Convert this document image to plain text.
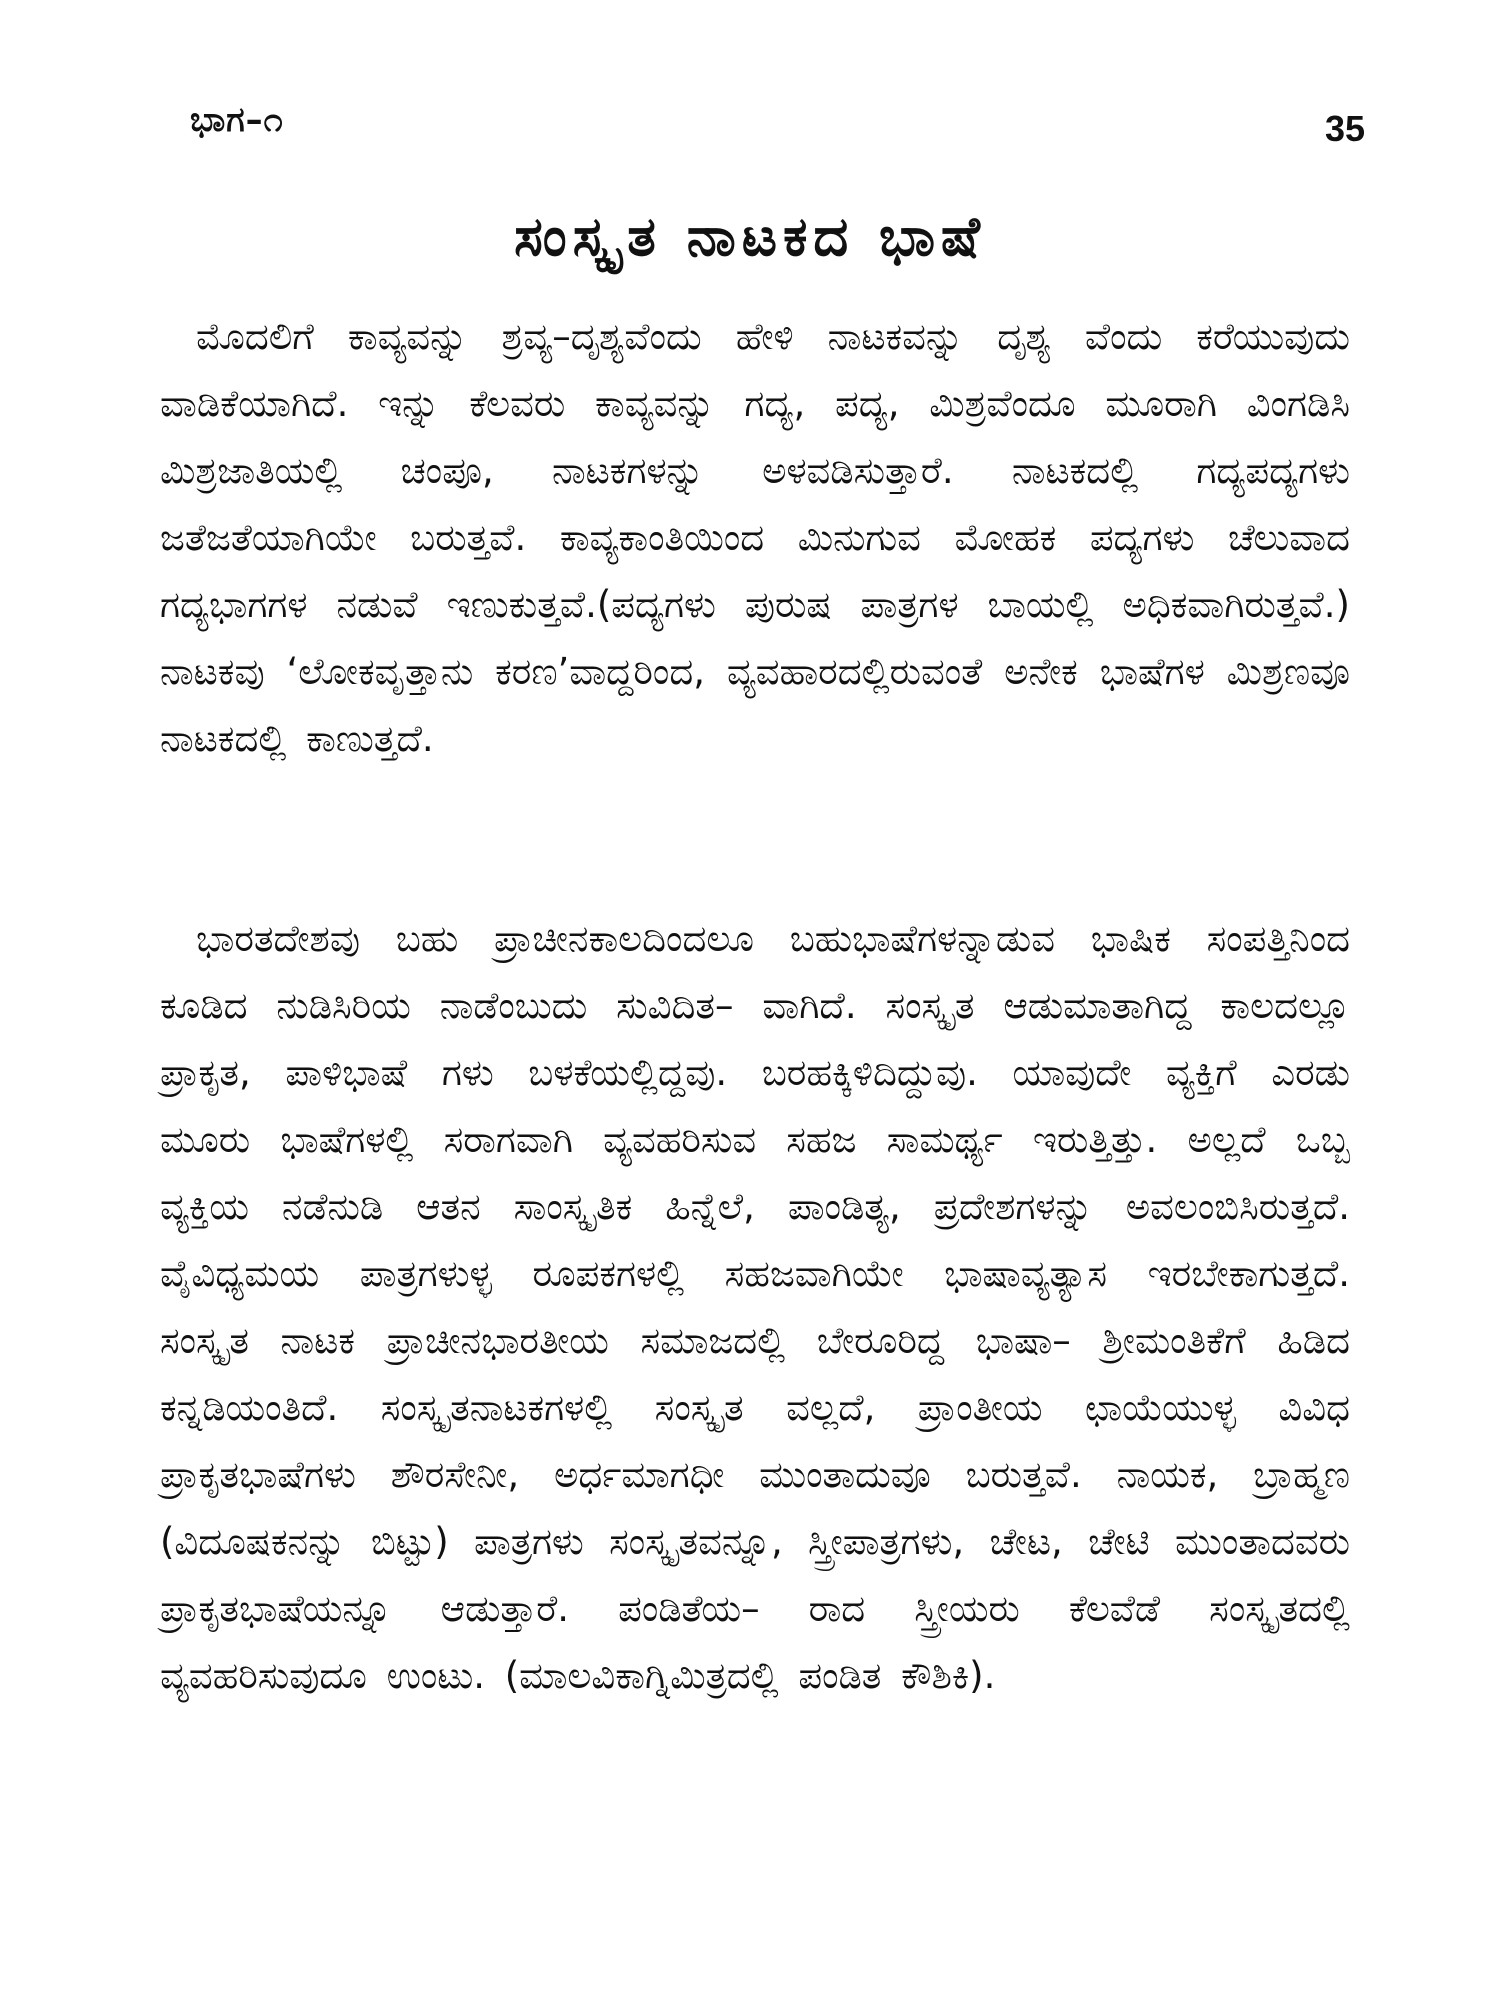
ಭಾಗ–೧	35
ಸಂಸ್ಕೃತ ನಾಟಕದ ಭಾಷೆ
ಮೊದಲಿಗೆ ಕಾವ್ಯವನ್ನು ಶ್ರವ್ಯ–ದೃಶ್ಯವೆಂದು ಹೇಳಿ ನಾಟಕವನ್ನು ದೃಶ್ಯ ವೆಂದು ಕರೆಯುವುದು ವಾಡಿಕೆಯಾಗಿದೆ. ಇನ್ನು ಕೆಲವರು ಕಾವ್ಯವನ್ನು ಗದ್ಯ, ಪದ್ಯ, ಮಿಶ್ರವೆಂದೂ ಮೂರಾಗಿ ವಿಂಗಡಿಸಿ ಮಿಶ್ರಜಾತಿಯಲ್ಲಿ ಚಂಪೂ, ನಾಟಕಗಳನ್ನು ಅಳವಡಿಸುತ್ತಾರೆ. ನಾಟಕದಲ್ಲಿ ಗದ್ಯಪದ್ಯಗಳು ಜತೆಜತೆಯಾಗಿಯೇ ಬರುತ್ತವೆ. ಕಾವ್ಯಕಾಂತಿಯಿಂದ ಮಿನುಗುವ ಮೋಹಕ ಪದ್ಯಗಳು ಚೆಲುವಾದ ಗದ್ಯಭಾಗಗಳ ನಡುವೆ ಇಣುಕುತ್ತವೆ.(ಪದ್ಯಗಳು ಪುರುಷ ಪಾತ್ರಗಳ ಬಾಯಲ್ಲಿ ಅಧಿಕವಾಗಿರುತ್ತವೆ.) ನಾಟಕವು ‘ಲೋಕವೃತ್ತಾನು ಕರಣ’ವಾದ್ದರಿಂದ, ವ್ಯವಹಾರದಲ್ಲಿರುವಂತೆ ಅನೇಕ ಭಾಷೆಗಳ ಮಿಶ್ರಣವೂ ನಾಟಕದಲ್ಲಿ ಕಾಣುತ್ತದೆ.
ಭಾರತದೇಶವು ಬಹು ಪ್ರಾಚೀನಕಾಲದಿಂದಲೂ ಬಹುಭಾಷೆಗಳನ್ನಾಡುವ ಭಾಷಿಕ ಸಂಪತ್ತಿನಿಂದ ಕೂಡಿದ ನುಡಿಸಿರಿಯ ನಾಡೆಂಬುದು ಸುವಿದಿತ– ವಾಗಿದೆ. ಸಂಸ್ಕೃತ ಆಡುಮಾತಾಗಿದ್ದ ಕಾಲದಲ್ಲೂ ಪ್ರಾಕೃತ, ಪಾಳಿಭಾಷೆ ಗಳು ಬಳಕೆಯಲ್ಲಿದ್ದವು. ಬರಹಕ್ಕಿಳಿದಿದ್ದುವು. ಯಾವುದೇ ವ್ಯಕ್ತಿಗೆ ಎರಡು ಮೂರು ಭಾಷೆಗಳಲ್ಲಿ ಸರಾಗವಾಗಿ ವ್ಯವಹರಿಸುವ ಸಹಜ ಸಾಮರ್ಥ್ಯ ಇರುತ್ತಿತ್ತು. ಅಲ್ಲದೆ ಒಬ್ಬ ವ್ಯಕ್ತಿಯ ನಡೆನುಡಿ ಆತನ ಸಾಂಸ್ಕೃತಿಕ ಹಿನ್ನೆಲೆ, ಪಾಂಡಿತ್ಯ, ಪ್ರದೇಶಗಳನ್ನು ಅವಲಂಬಿಸಿರುತ್ತದೆ. ವೈವಿಧ್ಯಮಯ ಪಾತ್ರಗಳುಳ್ಳ ರೂಪಕಗಳಲ್ಲಿ ಸಹಜವಾಗಿಯೇ ಭಾಷಾವ್ಯತ್ಯಾಸ ಇರಬೇಕಾಗುತ್ತದೆ. ಸಂಸ್ಕೃತ ನಾಟಕ ಪ್ರಾಚೀನಭಾರತೀಯ ಸಮಾಜದಲ್ಲಿ ಬೇರೂರಿದ್ದ ಭಾಷಾ– ಶ್ರೀಮಂತಿಕೆಗೆ ಹಿಡಿದ ಕನ್ನಡಿಯಂತಿದೆ. ಸಂಸ್ಕೃತನಾಟಕಗಳಲ್ಲಿ ಸಂಸ್ಕೃತ ವಲ್ಲದೆ, ಪ್ರಾಂತೀಯ ಛಾಯೆಯುಳ್ಳ ವಿವಿಧ ಪ್ರಾಕೃತಭಾಷೆಗಳು ಶೌರಸೇನೀ, ಅರ್ಧಮಾಗಧೀ ಮುಂತಾದುವೂ ಬರುತ್ತವೆ. ನಾಯಕ, ಬ್ರಾಹ್ಮಣ (ವಿದೂಷಕನನ್ನು ಬಿಟ್ಟು) ಪಾತ್ರಗಳು ಸಂಸ್ಕೃತವನ್ನೂ, ಸ್ತ್ರೀಪಾತ್ರಗಳು, ಚೇಟ, ಚೇಟಿ ಮುಂತಾದವರು ಪ್ರಾಕೃತಭಾಷೆಯನ್ನೂ ಆಡುತ್ತಾರೆ. ಪಂಡಿತೆಯ– ರಾದ ಸ್ತ್ರೀಯರು ಕೆಲವೆಡೆ ಸಂಸ್ಕೃತದಲ್ಲಿ ವ್ಯವಹರಿಸುವುದೂ ಉಂಟು. (ಮಾಲವಿಕಾಗ್ನಿಮಿತ್ರದಲ್ಲಿ ಪಂಡಿತ ಕೌಶಿಕಿ).
